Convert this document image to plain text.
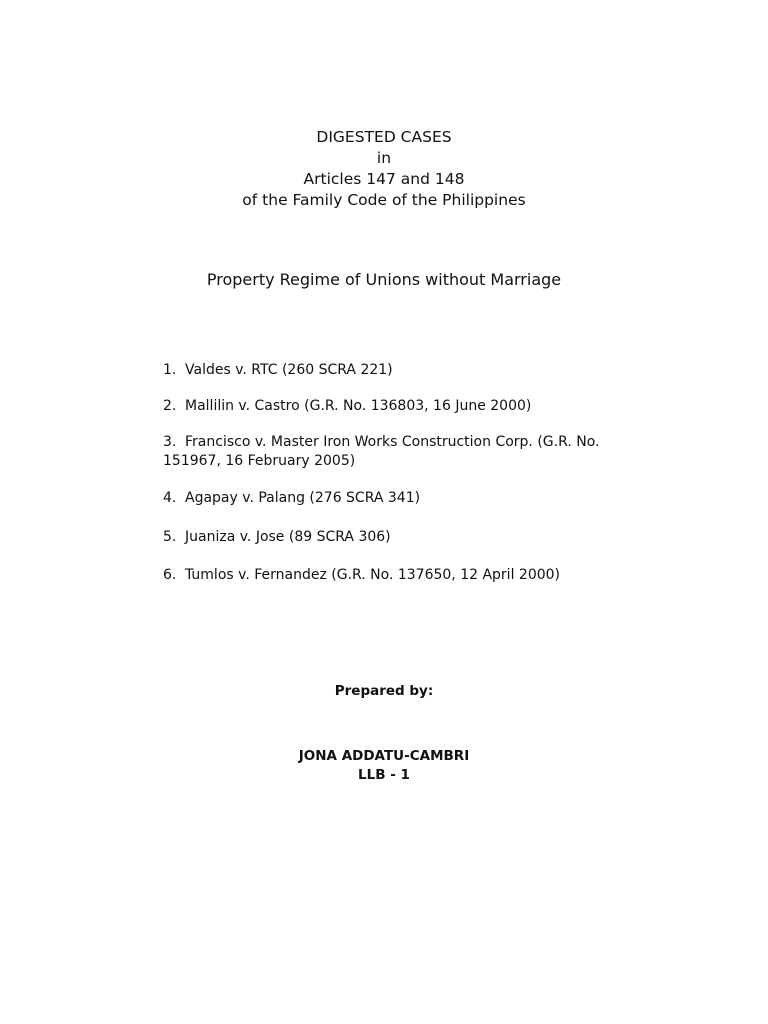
DIGESTED CASES
in
Articles 147 and 148
of the Family Code of the Philippines
Property Regime of Unions without Marriage
1. Valdes v. RTC (260 SCRA 221)
2. Mallilin v. Castro (G.R. No. 136803, 16 June 2000)
3. Francisco v. Master Iron Works Construction Corp. (G.R. No. 151967, 16 February 2005)
4. Agapay v. Palang (276 SCRA 341)
5. Juaniza v. Jose (89 SCRA 306)
6. Tumlos v. Fernandez (G.R. No. 137650, 12 April 2000)
Prepared by:
JONA ADDATU-CAMBRI
LLB - 1
